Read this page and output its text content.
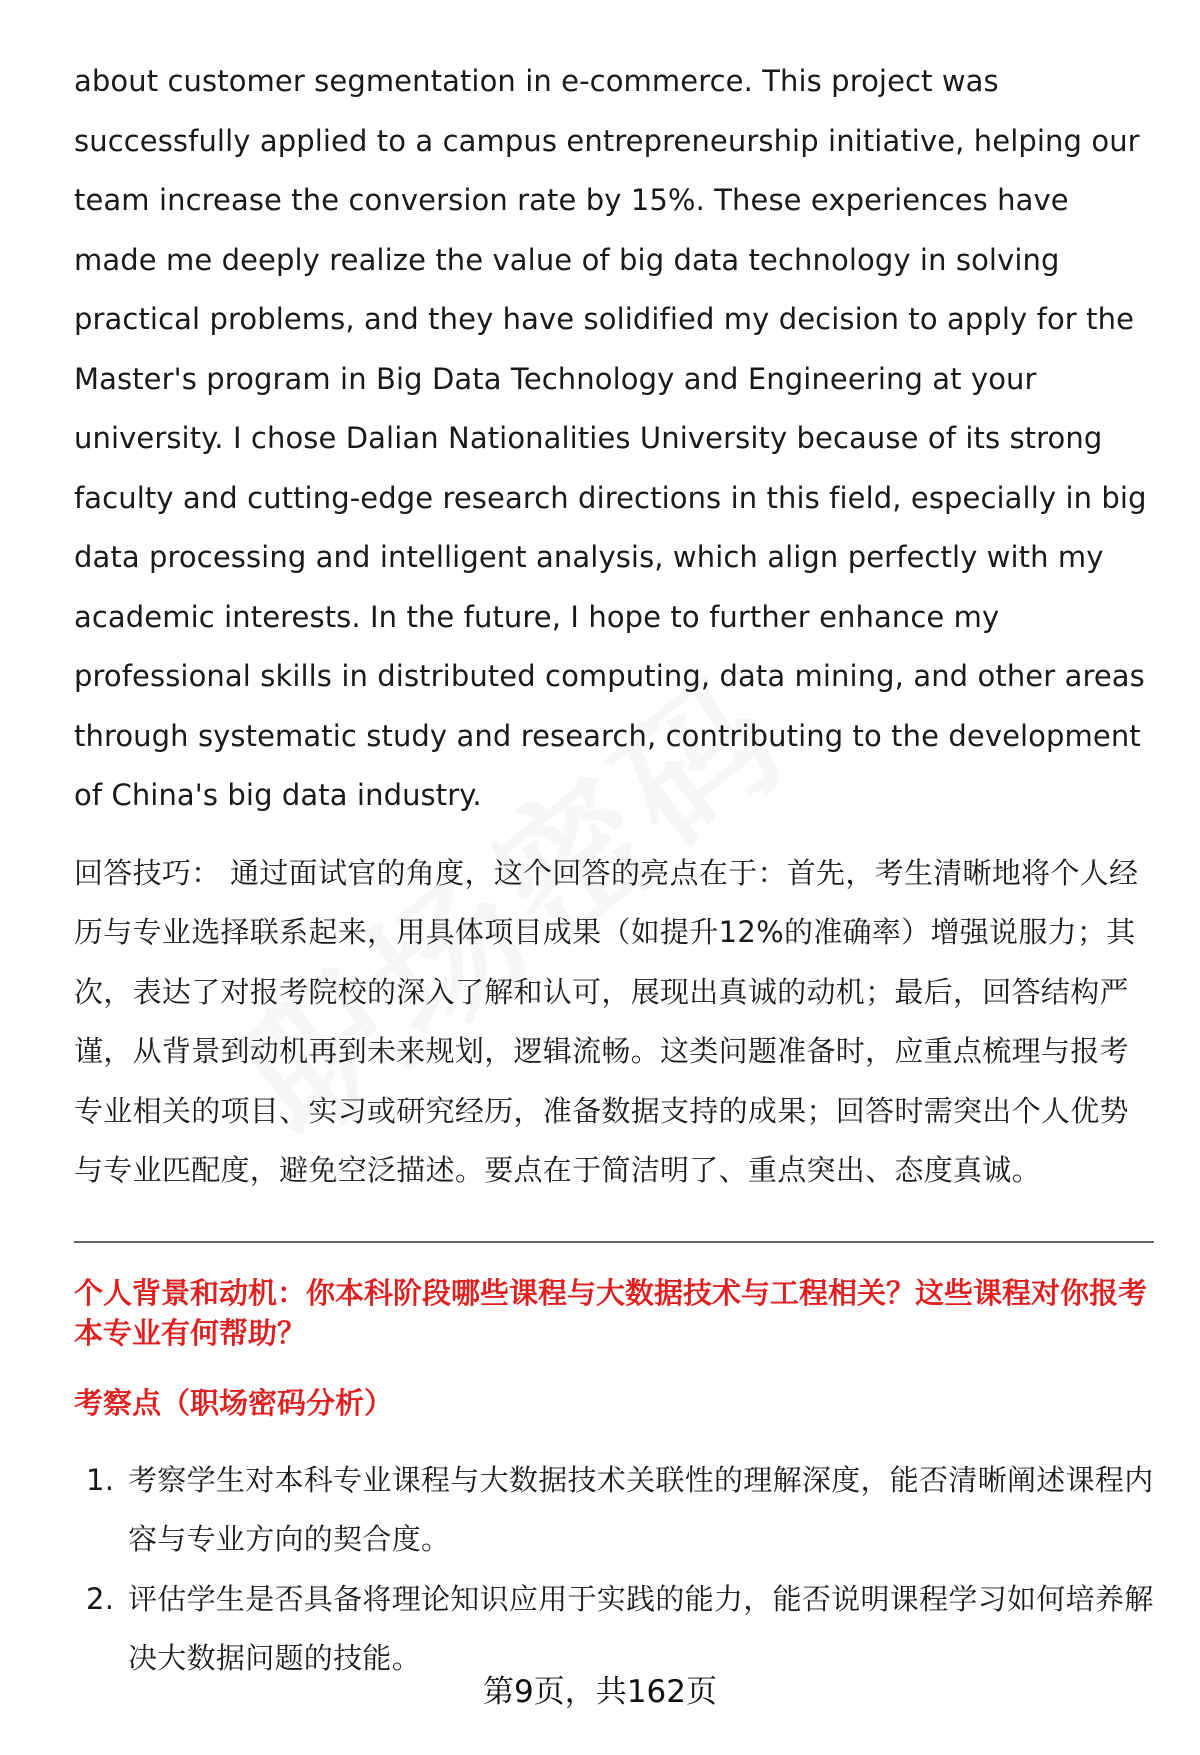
about customer segmentation in e-commerce. This project was successfully applied to a campus entrepreneurship initiative, helping our team increase the conversion rate by 15%. These experiences have made me deeply realize the value of big data technology in solving practical problems, and they have solidified my decision to apply for the Master's program in Big Data Technology and Engineering at your university. I chose Dalian Nationalities University because of its strong faculty and cutting-edge research directions in this field, especially in big data processing and intelligent analysis, which align perfectly with my academic interests. In the future, I hope to further enhance my professional skills in distributed computing, data mining, and other areas through systematic study and research, contributing to the development of China's big data industry.

回答技巧： 通过面试官的角度，这个回答的亮点在于：首先，考生清晰地将个人经历与专业选择联系起来，用具体项目成果（如提升12%的准确率）增强说服力；其次，表达了对报考院校的深入了解和认可，展现出真诚的动机；最后，回答结构严谨，从背景到动机再到未来规划，逻辑流畅。这类问题准备时，应重点梳理与报考专业相关的项目、实习或研究经历，准备数据支持的成果；回答时需突出个人优势与专业匹配度，避免空泛描述。要点在于简洁明了、重点突出、态度真诚。

个人背景和动机：你本科阶段哪些课程与大数据技术与工程相关？这些课程对你报考本专业有何帮助？

考察点（职场密码分析）

1. 考察学生对本科专业课程与大数据技术关联性的理解深度，能否清晰阐述课程内容与专业方向的契合度。
2. 评估学生是否具备将理论知识应用于实践的能力，能否说明课程学习如何培养解决大数据问题的技能。
第9页，共162页
